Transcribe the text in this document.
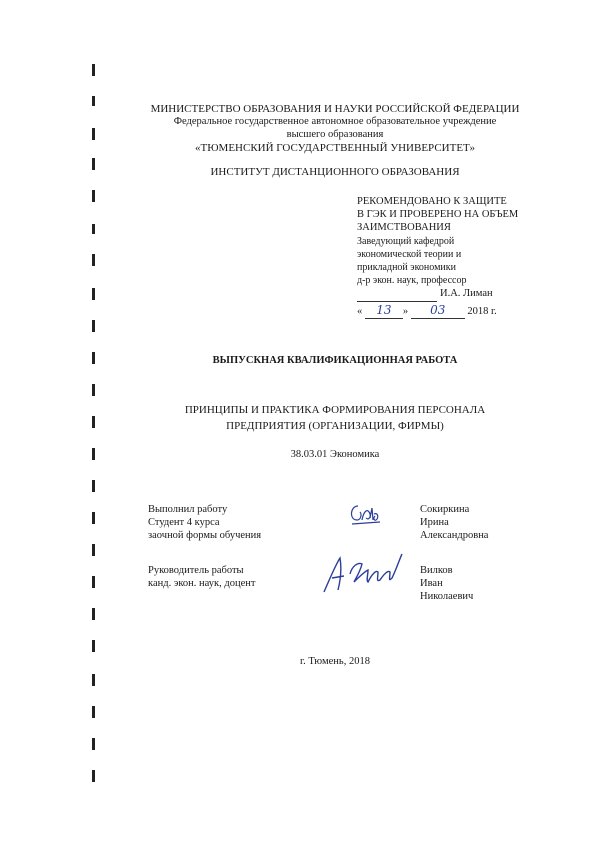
МИНИСТЕРСТВО ОБРАЗОВАНИЯ И НАУКИ РОССИЙСКОЙ ФЕДЕРАЦИИ
Федеральное государственное автономное образовательное учреждение
высшего образования
«ТЮМЕНСКИЙ ГОСУДАРСТВЕННЫЙ УНИВЕРСИТЕТ»
ИНСТИТУТ ДИСТАНЦИОННОГО ОБРАЗОВАНИЯ
РЕКОМЕНДОВАНО К ЗАЩИТЕ
В ГЭК И ПРОВЕРЕНО НА ОБЪЕМ
ЗАИМСТВОВАНИЯ
Заведующий кафедрой
экономической теории и
прикладной экономики
д-р экон. наук, профессор
И.А. Лиман
« 13 » 03 2018 г.
ВЫПУСКНАЯ КВАЛИФИКАЦИОННАЯ РАБОТА
ПРИНЦИПЫ И ПРАКТИКА ФОРМИРОВАНИЯ ПЕРСОНАЛА
ПРЕДПРИЯТИЯ (ОРГАНИЗАЦИИ, ФИРМЫ)
38.03.01 Экономика
Выполнил работу
Студент 4 курса
заочной формы обучения
Сокиркина
Ирина
Александровна
Руководитель работы
канд. экон. наук, доцент
Вилков
Иван
Николаевич
г. Тюмень, 2018
